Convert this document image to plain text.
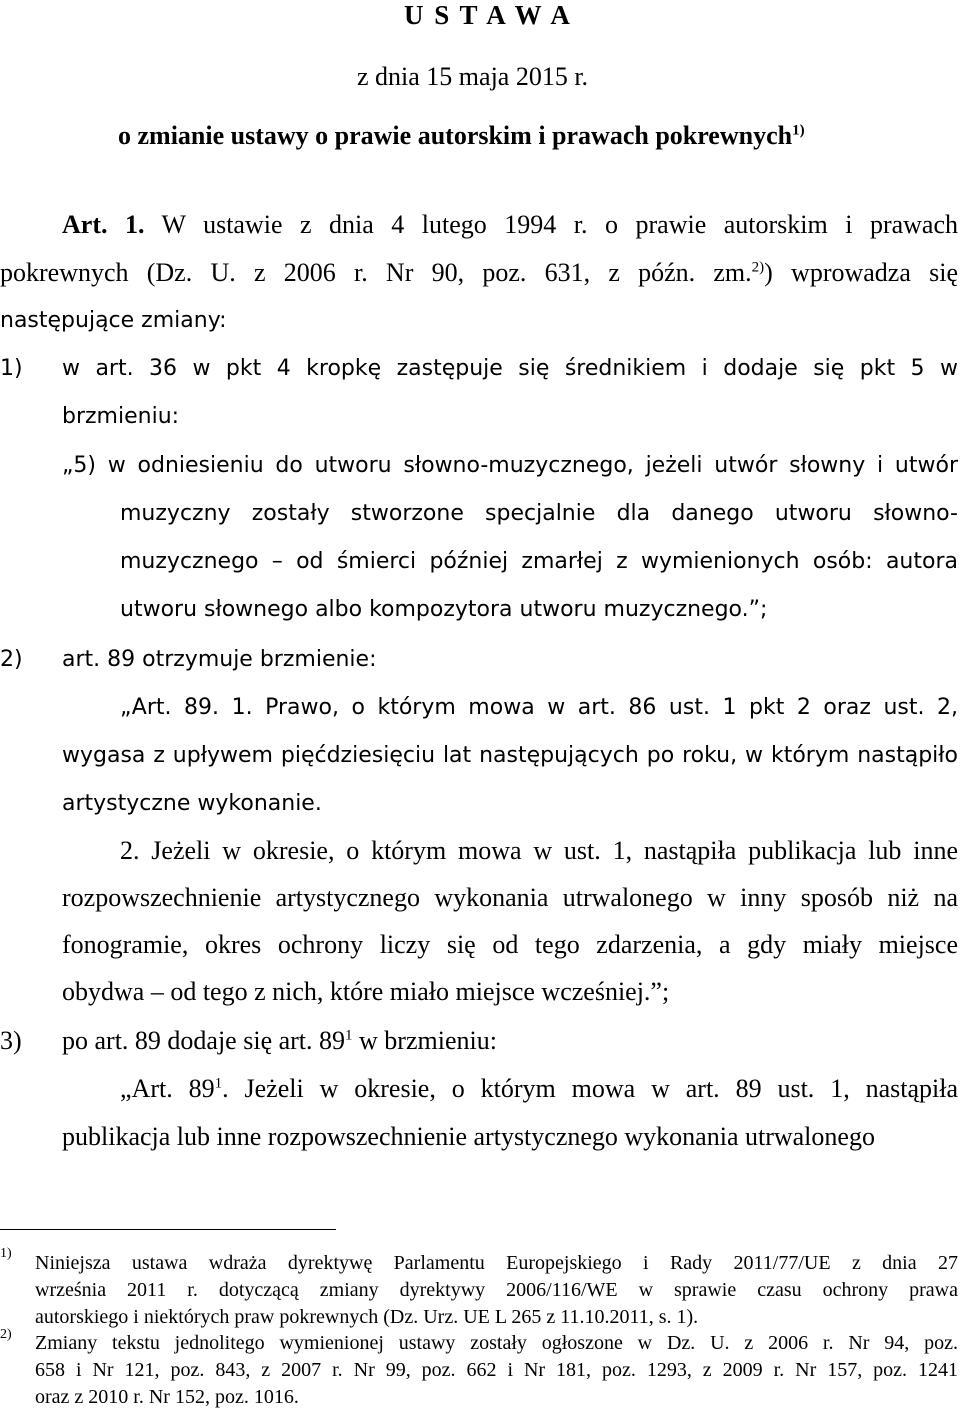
U S T A W A
z dnia 15 maja 2015 r.
o zmianie ustawy o prawie autorskim i prawach pokrewnych$^{1)}$
Art. 1. W ustawie z dnia 4 lutego 1994 r. o prawie autorskim i prawach
pokrewnych (Dz. U. z 2006 r. Nr 90, poz. 631, z późn. zm.$^{2)}$) wprowadza się
następujące zmiany:
1) w art. 36 w pkt 4 kropkę zastępuje się średnikiem i dodaje się pkt 5 w
brzmieniu:
„5) w odniesieniu do utworu słowno-muzycznego, jeżeli utwór słowny i utwór
muzyczny zostały stworzone specjalnie dla danego utworu słowno-
muzycznego – od śmierci później zmarłej z wymienionych osób: autora
utworu słownego albo kompozytora utworu muzycznego.”;
2) art. 89 otrzymuje brzmienie:
„Art. 89. 1. Prawo, o którym mowa w art. 86 ust. 1 pkt 2 oraz ust. 2,
wygasa z upływem pięćdziesięciu lat następujących po roku, w którym nastąpiło
artystyczne wykonanie.
2. Jeżeli w okresie, o którym mowa w ust. 1, nastąpiła publikacja lub inne
rozpowszechnienie artystycznego wykonania utrwalonego w inny sposób niż na
fonogramie, okres ochrony liczy się od tego zdarzenia, a gdy miały miejsce
obydwa – od tego z nich, które miało miejsce wcześniej.”;
3) po art. 89 dodaje się art. $89^1$ w brzmieniu:
„Art. $89^1$. Jeżeli w okresie, o którym mowa w art. 89 ust. 1, nastąpiła
publikacja lub inne rozpowszechnienie artystycznego wykonania utrwalonego
1) Niniejsza ustawa wdraża dyrektywę Parlamentu Europejskiego i Rady 2011/77/UE z dnia 27
września 2011 r. dotyczącą zmiany dyrektywy 2006/116/WE w sprawie czasu ochrony prawa
autorskiego i niektórych praw pokrewnych (Dz. Urz. UE L 265 z 11.10.2011, s. 1).
2) Zmiany tekstu jednolitego wymienionej ustawy zostały ogłoszone w Dz. U. z 2006 r. Nr 94, poz.
658 i Nr 121, poz. 843, z 2007 r. Nr 99, poz. 662 i Nr 181, poz. 1293, z 2009 r. Nr 157, poz. 1241
oraz z 2010 r. Nr 152, poz. 1016.
